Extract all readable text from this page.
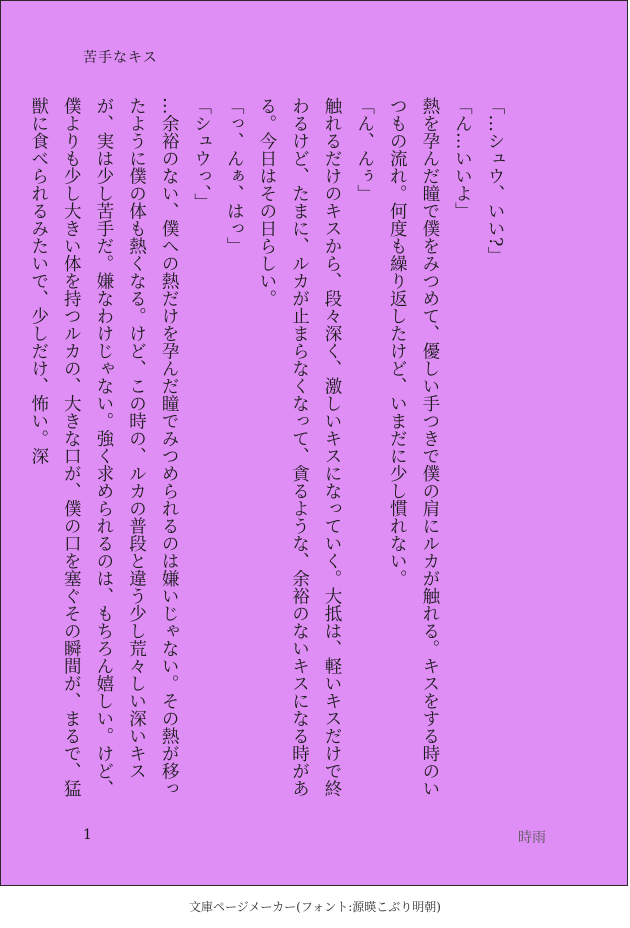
苦手なキス

「…シュウ、いい?」

「ん…いいよ」

熱を孕んだ瞳で僕をみつめて、優しい手つきで僕の肩にルカが触れる。キスをする時のいつもの流れ。何度も繰り返したけど、いまだに少し慣れない。

「ん、んぅ」

触れるだけのキスから、段々深く、激しいキスになっていく。大抵は、軽いキスだけで終わるけど、たまに、ルカが止まらなくなって、貪るような、余裕のないキスになる時がある。今日はその日らしい。

「っ、んぁ、はっ」

「シュウっ、」

…余裕のない、僕への熱だけを孕んだ瞳でみつめられるのは嫌いじゃない。その熱が移ったように僕の体も熱くなる。けど、この時の、ルカの普段と違う少し荒々しい深いキスが、実は少し苦手だ。嫌なわけじゃない。強く求められるのは、もちろん嬉しい。けど、僕よりも少し大きい体を持つルカの、大きな口が、僕の口を塞ぐその瞬間が、まるで、猛獣に食べられるみたいで、少しだけ、怖い。深

1	時雨
文庫ページメーカー(フォント:源暎こぶり明朝)
